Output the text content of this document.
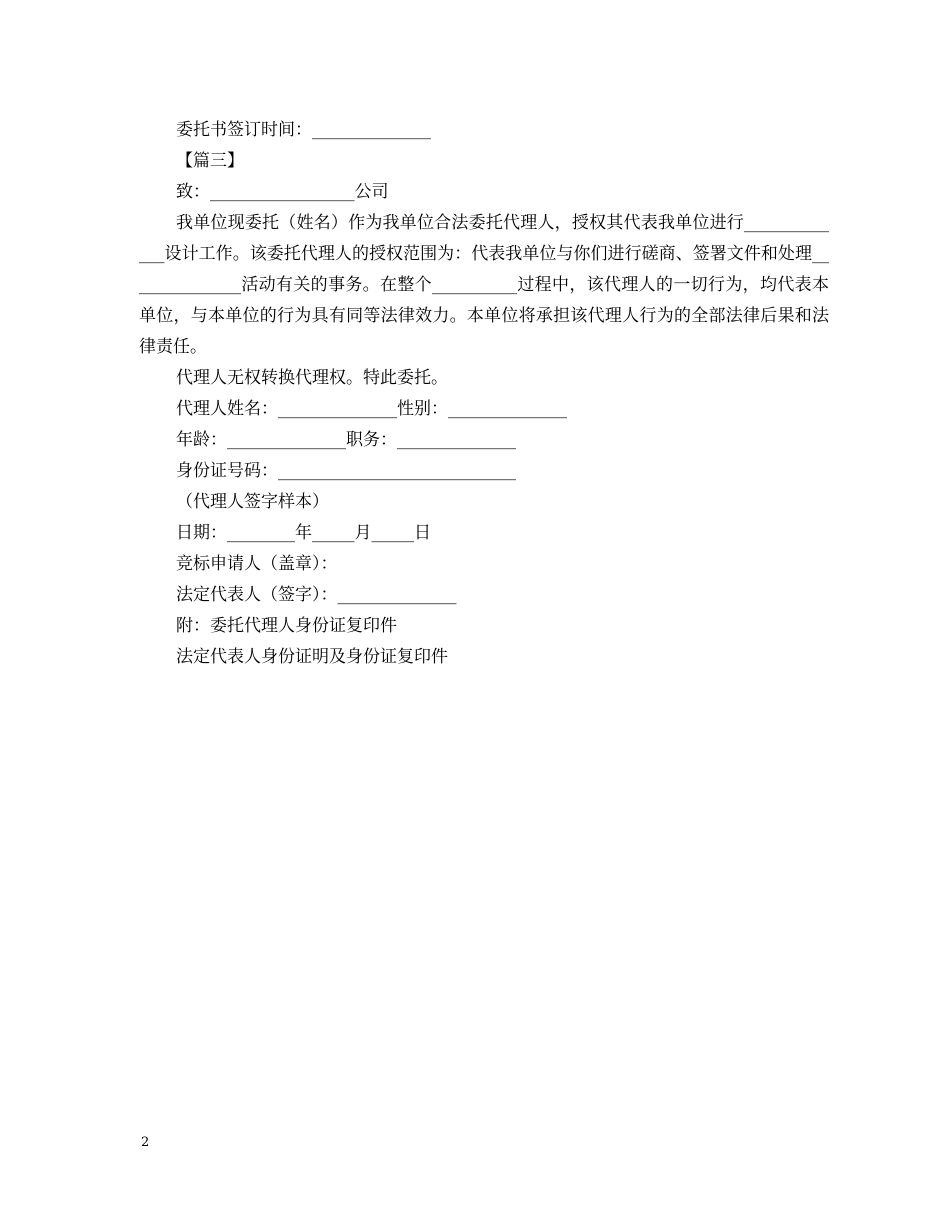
委托书签订时间：______________
【篇三】
致：_________________公司
我单位现委托（姓名）作为我单位合法委托代理人，授权其代表我单位进行_____________设计工作。该委托代理人的授权范围为：代表我单位与你们进行磋商、签署文件和处理______________活动有关的事务。在整个__________过程中，该代理人的一切行为，均代表本单位，与本单位的行为具有同等法律效力。本单位将承担该代理人行为的全部法律后果和法律责任。
代理人无权转换代理权。特此委托。
代理人姓名：______________性别：______________
年龄：______________职务：______________
身份证号码：____________________________
（代理人签字样本）
日期：________年_____月_____日
竞标申请人（盖章）：
法定代表人（签字）：______________
附：委托代理人身份证复印件
法定代表人身份证明及身份证复印件
2
